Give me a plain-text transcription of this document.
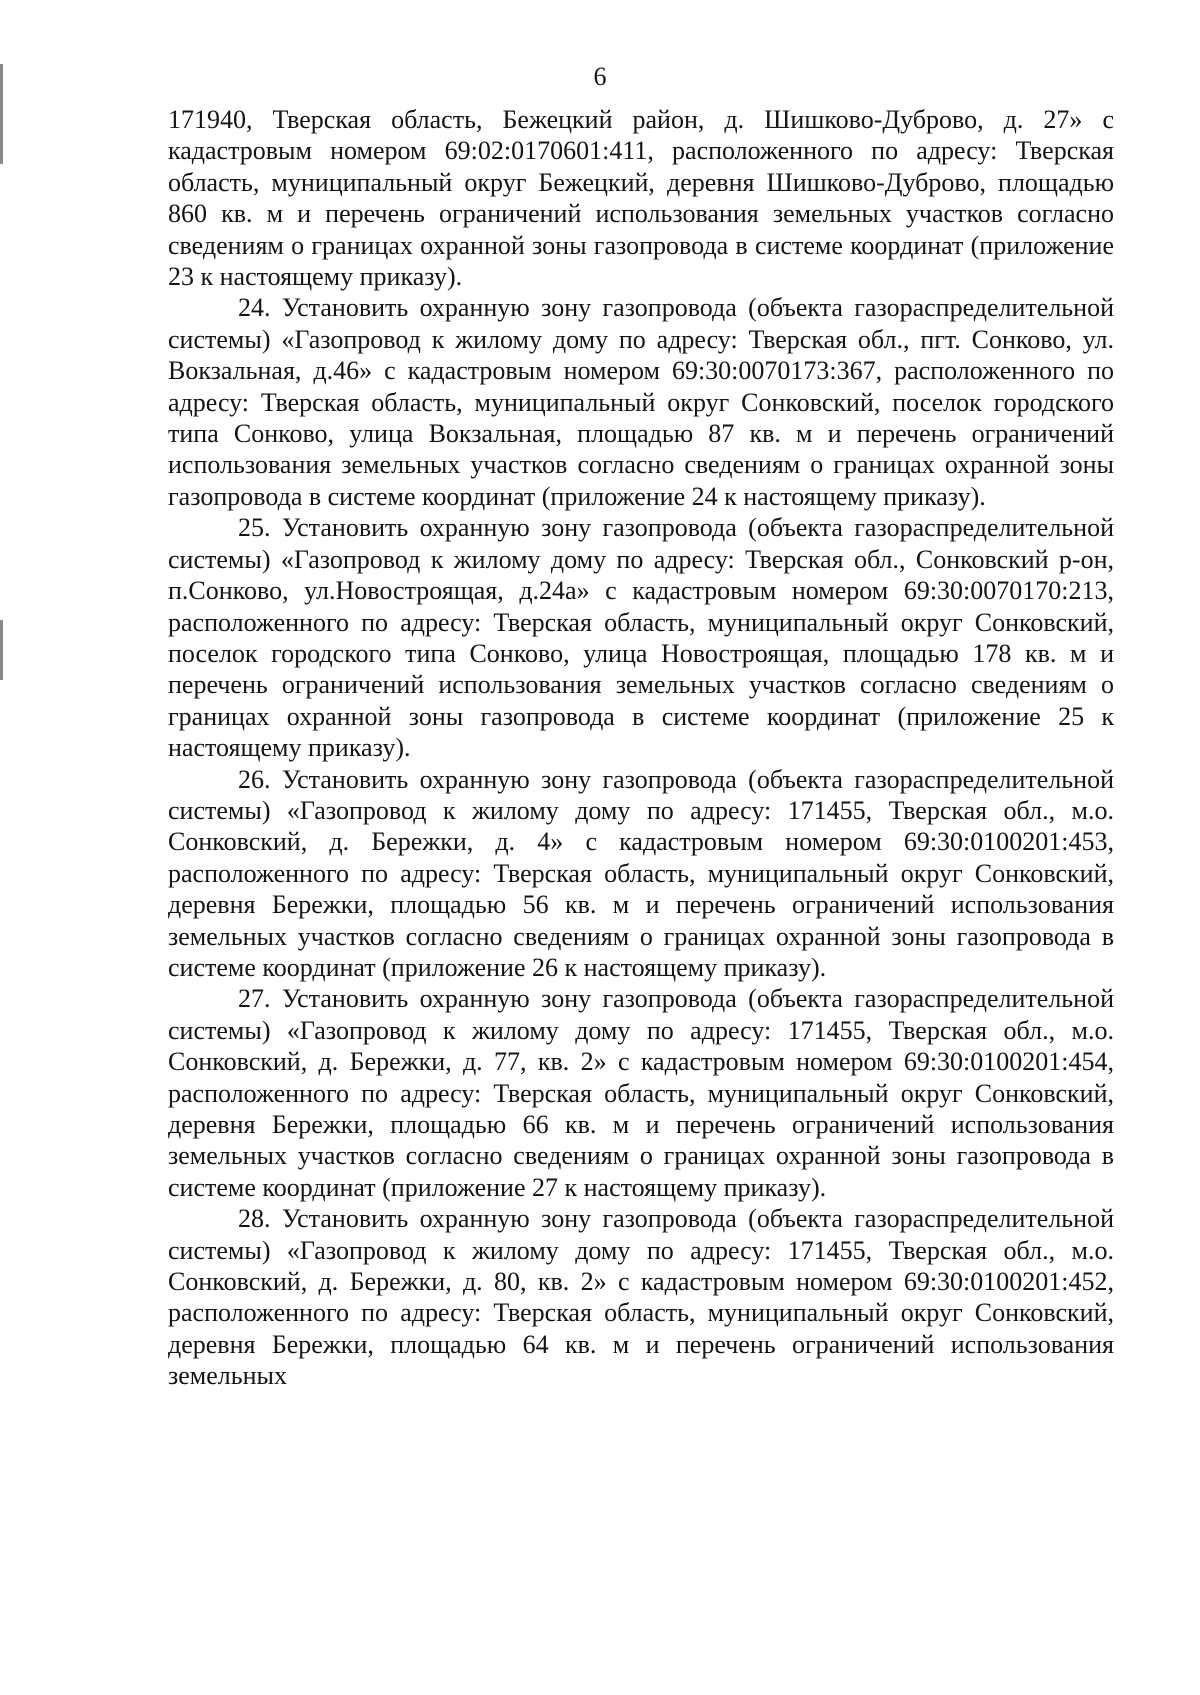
6

171940, Тверская область, Бежецкий район, д. Шишково-Дуброво, д. 27» с кадастровым номером 69:02:0170601:411, расположенного по адресу: Тверская область, муниципальный округ Бежецкий, деревня Шишково-Дуброво, площадью 860 кв. м и перечень ограничений использования земельных участков согласно сведениям о границах охранной зоны газопровода в системе координат (приложение 23 к настоящему приказу).

24. Установить охранную зону газопровода (объекта газораспределительной системы) «Газопровод к жилому дому по адресу: Тверская обл., пгт. Сонково, ул. Вокзальная, д.46» с кадастровым номером 69:30:0070173:367, расположенного по адресу: Тверская область, муниципальный округ Сонковский, поселок городского типа Сонково, улица Вокзальная, площадью 87 кв. м и перечень ограничений использования земельных участков согласно сведениям о границах охранной зоны газопровода в системе координат (приложение 24 к настоящему приказу).

25. Установить охранную зону газопровода (объекта газораспределительной системы) «Газопровод к жилому дому по адресу: Тверская обл., Сонковский р-он, п.Сонково, ул.Новостроящая, д.24а» с кадастровым номером 69:30:0070170:213, расположенного по адресу: Тверская область, муниципальный округ Сонковский, поселок городского типа Сонково, улица Новостроящая, площадью 178 кв. м и перечень ограничений использования земельных участков согласно сведениям о границах охранной зоны газопровода в системе координат (приложение 25 к настоящему приказу).

26. Установить охранную зону газопровода (объекта газораспределительной системы) «Газопровод к жилому дому по адресу: 171455, Тверская обл., м.о. Сонковский, д. Бережки, д. 4» с кадастровым номером 69:30:0100201:453, расположенного по адресу: Тверская область, муниципальный округ Сонковский, деревня Бережки, площадью 56 кв. м и перечень ограничений использования земельных участков согласно сведениям о границах охранной зоны газопровода в системе координат (приложение 26 к настоящему приказу).

27. Установить охранную зону газопровода (объекта газораспределительной системы) «Газопровод к жилому дому по адресу: 171455, Тверская обл., м.о. Сонковский, д. Бережки, д. 77, кв. 2» с кадастровым номером 69:30:0100201:454, расположенного по адресу: Тверская область, муниципальный округ Сонковский, деревня Бережки, площадью 66 кв. м и перечень ограничений использования земельных участков согласно сведениям о границах охранной зоны газопровода в системе координат (приложение 27 к настоящему приказу).

28. Установить охранную зону газопровода (объекта газораспределительной системы) «Газопровод к жилому дому по адресу: 171455, Тверская обл., м.о. Сонковский, д. Бережки, д. 80, кв. 2» с кадастровым номером 69:30:0100201:452, расположенного по адресу: Тверская область, муниципальный округ Сонковский, деревня Бережки, площадью 64 кв. м и перечень ограничений использования земельных
